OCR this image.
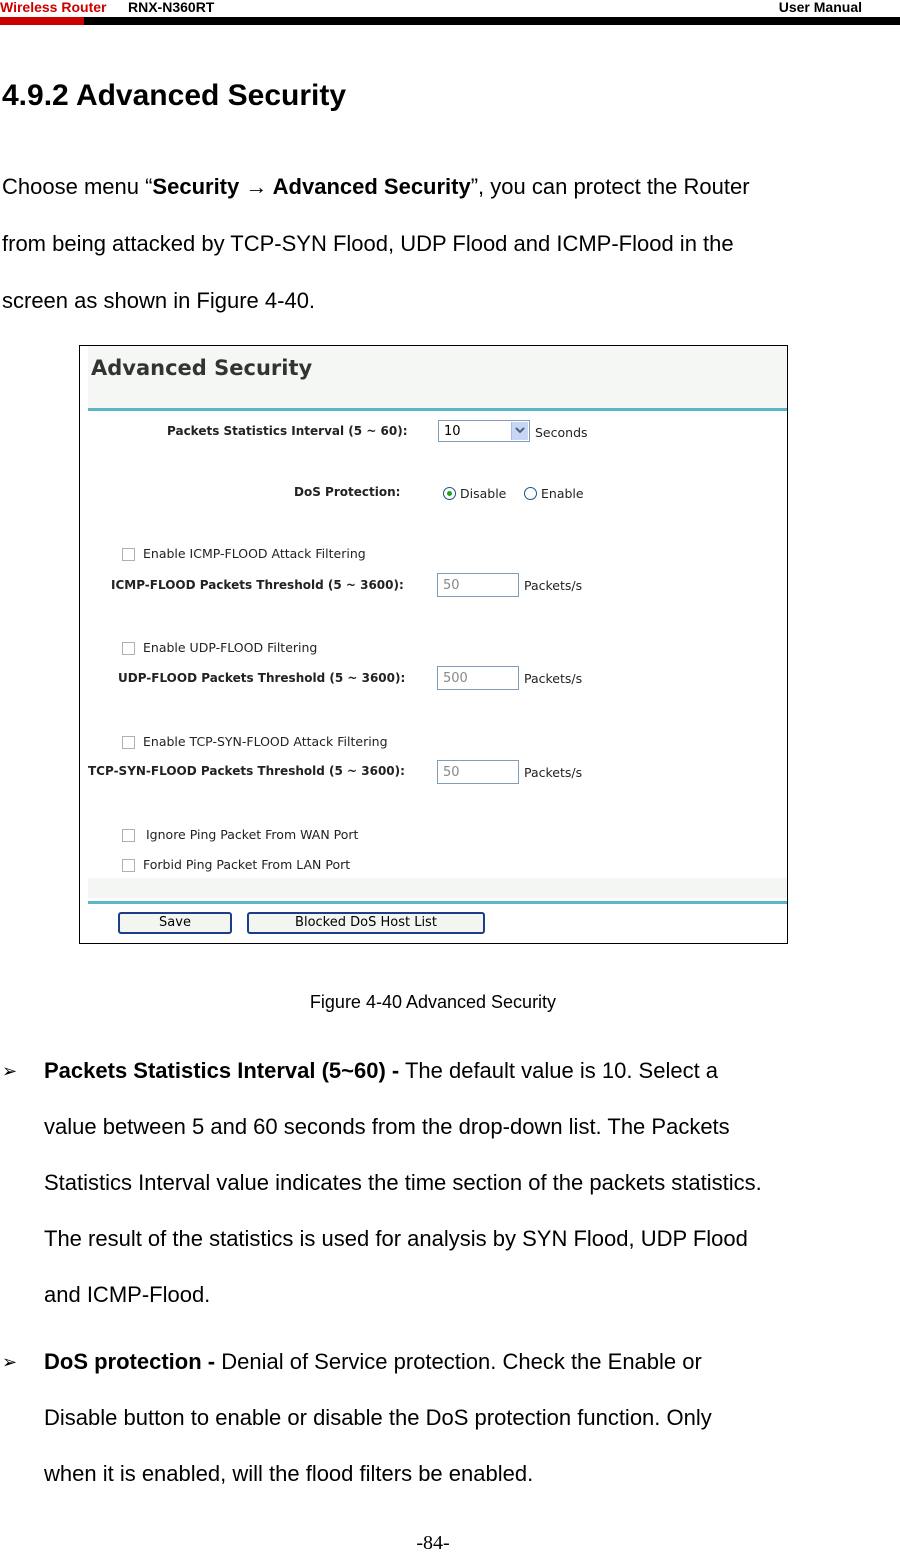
Wireless Router RNX-N360RT	User Manual
4.9.2 Advanced Security

Choose menu “Security → Advanced Security”, you can protect the Router

from being attacked by TCP-SYN Flood, UDP Flood and ICMP-Flood in the

screen as shown in Figure 4-40.

Advanced Security
Packets Statistics Interval (5 ~ 60):	10	Seconds
DoS Protection:	Disable	Enable
Enable ICMP-FLOOD Attack Filtering
ICMP-FLOOD Packets Threshold (5 ~ 3600):	50	Packets/s
Enable UDP-FLOOD Filtering
UDP-FLOOD Packets Threshold (5 ~ 3600):	500	Packets/s
Enable TCP-SYN-FLOOD Attack Filtering
TCP-SYN-FLOOD Packets Threshold (5 ~ 3600):	50	Packets/s
Ignore Ping Packet From WAN Port
Forbid Ping Packet From LAN Port
Save	Blocked DoS Host List
Figure 4-40 Advanced Security
➢	Packets Statistics Interval (5~60) - The default value is 10. Select a

value between 5 and 60 seconds from the drop-down list. The Packets

Statistics Interval value indicates the time section of the packets statistics.

The result of the statistics is used for analysis by SYN Flood, UDP Flood

and ICMP-Flood.

➢	DoS protection - Denial of Service protection. Check the Enable or

Disable button to enable or disable the DoS protection function. Only

when it is enabled, will the flood filters be enabled.

-84-
